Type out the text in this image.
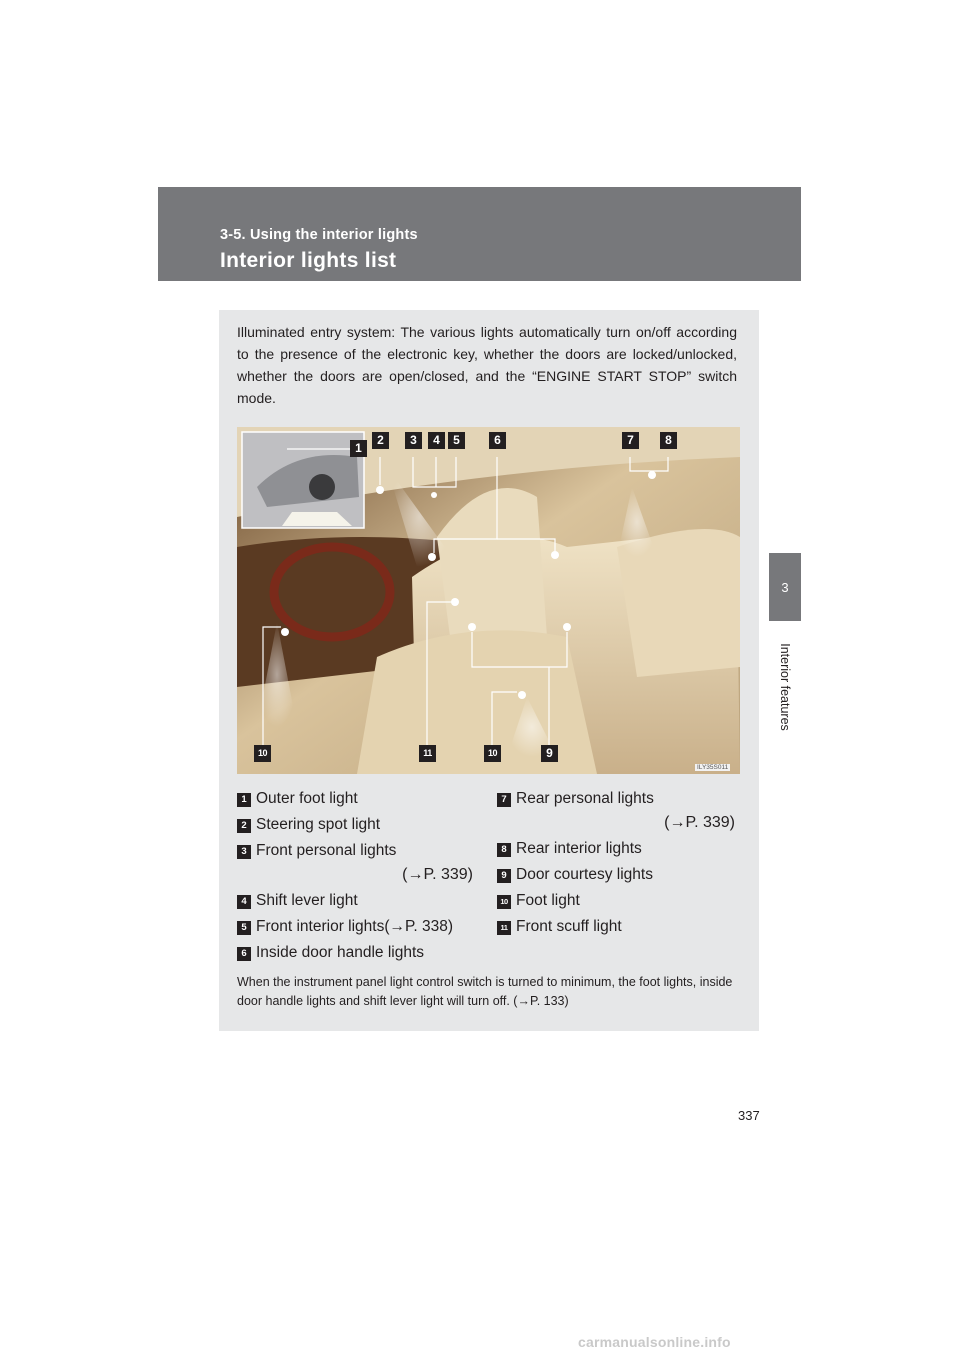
3-5. Using the interior lights
Interior lights list
3
Interior features
Illuminated entry system: The various lights automatically turn on/off according to the presence of the electronic key, whether the doors are locked/unlocked, whether the doors are open/closed, and the “ENGINE START STOP” switch mode.
1
2	3	4	5	6	7	8
10	11	10	9
ILY35S011
1 Outer foot light
2 Steering spot light
3 Front personal lights
(→P. 339)
4 Shift lever light
5 Front interior lights(→P. 338)
6 Inside door handle lights
7 Rear personal lights
(→P. 339)
8 Rear interior lights
9 Door courtesy lights
10 Foot light
11 Front scuff light
When the instrument panel light control switch is turned to minimum, the foot lights, inside door handle lights and shift lever light will turn off. (→P. 133)
337
carmanualsonline.info
